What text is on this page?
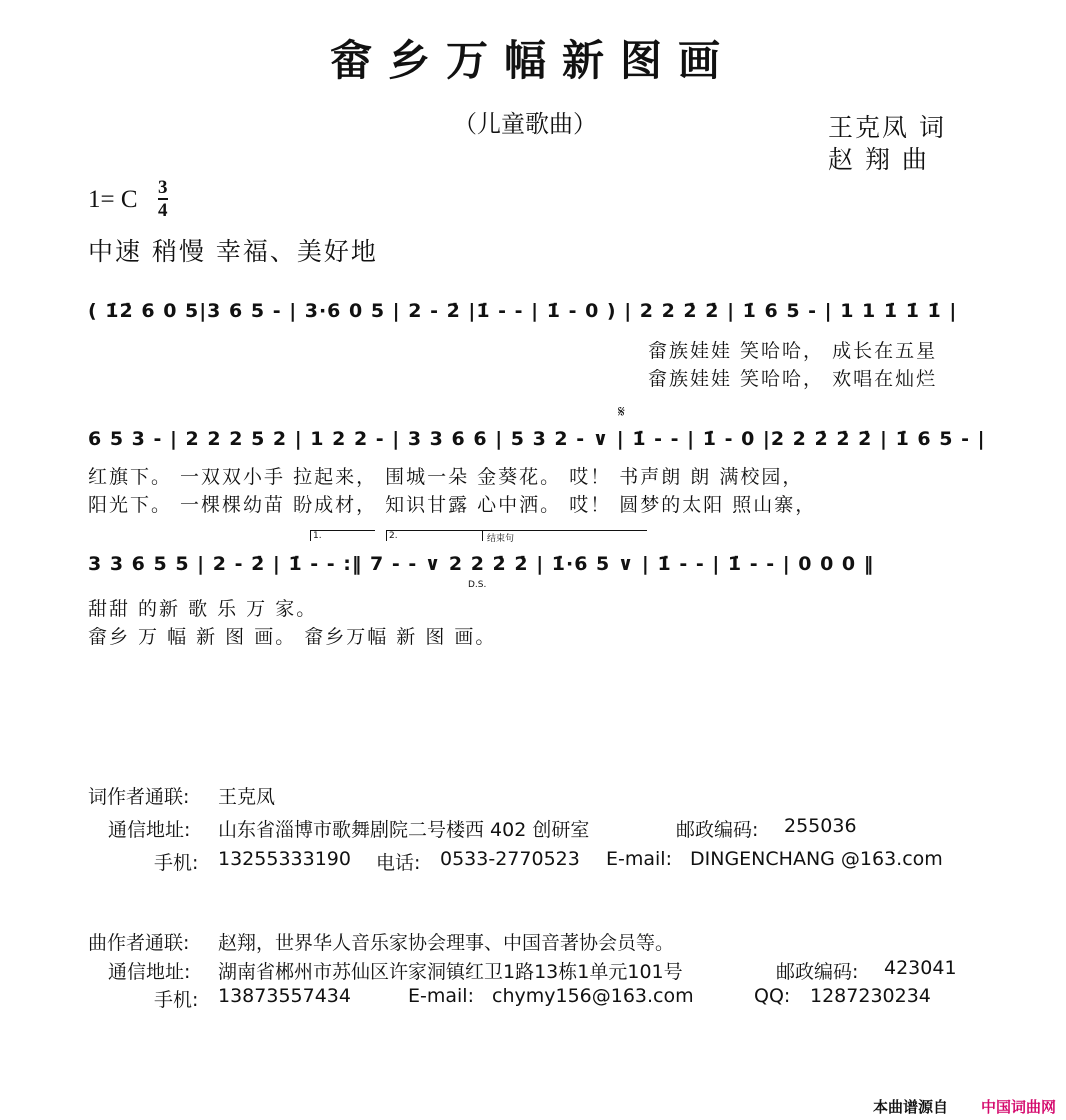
畲乡万幅新图画
（儿童歌曲）	王克凤 词
赵 翔 曲
1= C 3
4
中速 稍慢 幸福、美好地
( 1̇2̇ 6 0 5|3 6 5 - | 3·6 0 5 | 2 - 2̇ |1̇ - - | 1̇ - 0 ) | 2 2 2̇ 2̇ | 1̇ 6 5 - | 1 1 1̇ 1̇ 1̇ |
畲族娃娃 笑哈哈， 成长在五星
畲族娃娃 笑哈哈， 欢唱在灿烂
𝄋
6 5 3 - | 2 2 2 5 2 | 1 2 2 - | 3 3 6 6 | 5 3 2 - ∨ | 1̇ - - | 1̇ - 0 |2 2 2̇ 2̇ 2̇ | 1̇ 6 5 - |
红旗下。 一双双小手 拉起来， 围城一朵 金葵花。 哎！ 书声朗 朗 满校园，
阳光下。 一棵棵幼苗 盼成材， 知识甘露 心中洒。 哎！ 圆梦的太阳 照山寨，
1.	2.	结束句
D.S.
3 3 6 5 5 | 2 - 2̇ | 1̇ - - :‖ 7 - - ∨ 2 2 2̇ 2̇ | 1̇·6 5 ∨ | 1̇ - - | 1̇ - - | 0 0 0 ‖
甜甜 的新 歌 乐 万 家。
畲乡 万 幅 新 图 画。 畲乡万幅 新 图 画。
词作者通联: 王克凤
通信地址: 山东省淄博市歌舞剧院二号楼西 402 创研室	邮政编码: 255036
手机: 13255333190 电话: 0533-2770523 E-mail: DINGENCHANG @163.com
曲作者通联: 赵翔，世界华人音乐家协会理事、中国音著协会员等。
通信地址: 湖南省郴州市苏仙区许家洞镇红卫1路13栋1单元101号	邮政编码: 423041
手机: 13873557434	E-mail: chymy156@163.com	QQ: 1287230234
本曲谱源自 中国词曲网
